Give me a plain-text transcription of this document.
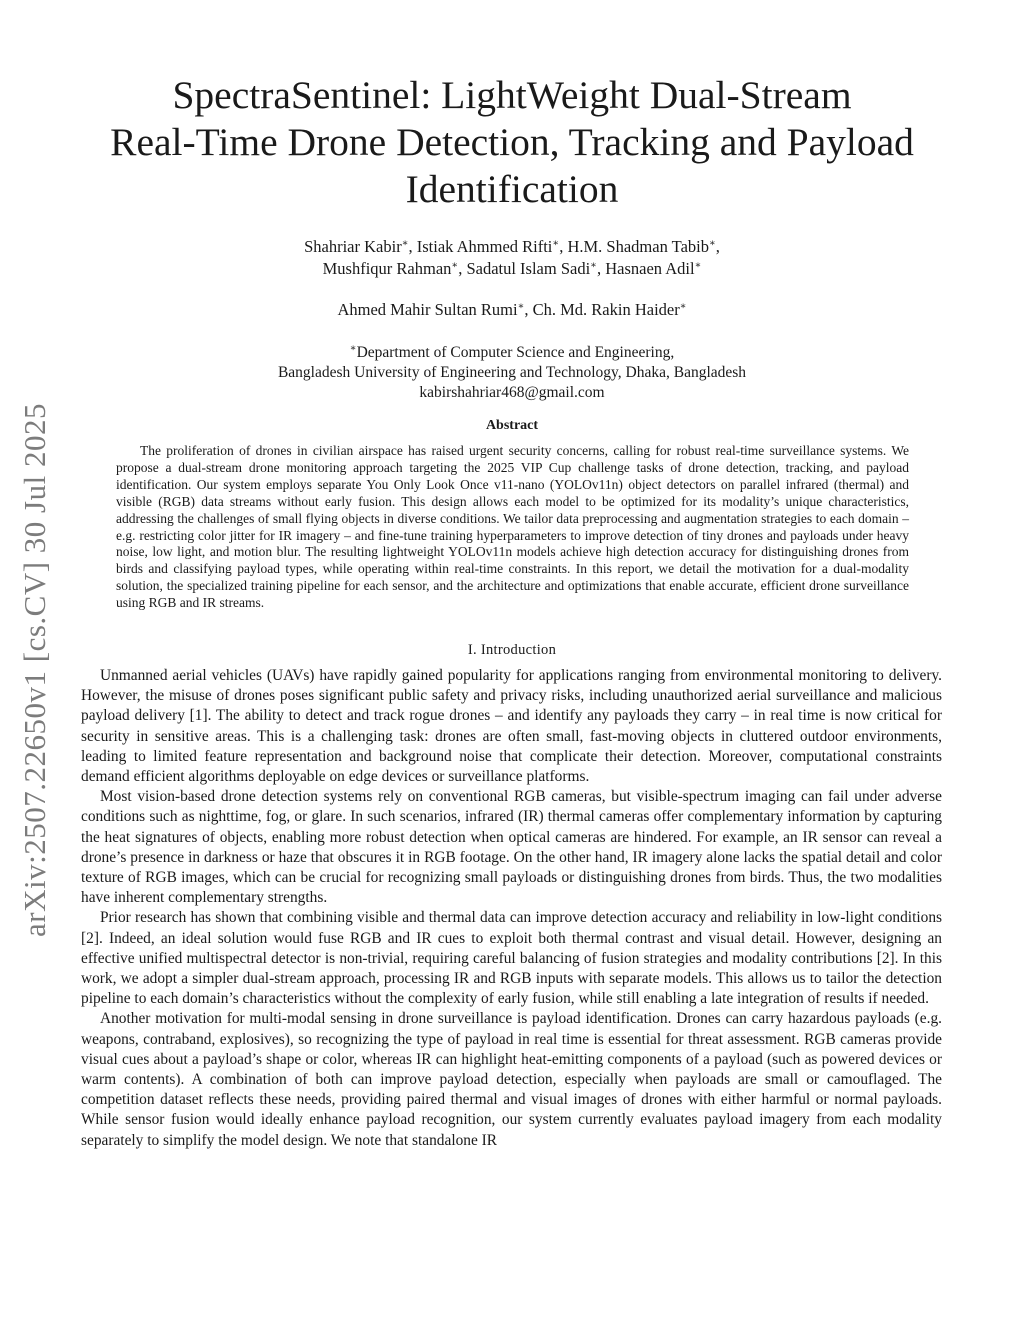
arXiv:2507.22650v1 [cs.CV] 30 Jul 2025
SpectraSentinel: LightWeight Dual-Stream
Real-Time Drone Detection, Tracking and Payload
Identification
Shahriar Kabir∗, Istiak Ahmmed Rifti∗, H.M. Shadman Tabib∗,
Mushfiqur Rahman∗, Sadatul Islam Sadi∗, Hasnaen Adil∗
Ahmed Mahir Sultan Rumi∗, Ch. Md. Rakin Haider∗
∗Department of Computer Science and Engineering,
Bangladesh University of Engineering and Technology, Dhaka, Bangladesh
kabirshahriar468@gmail.com
Abstract

The proliferation of drones in civilian airspace has raised urgent security concerns, calling for robust real-time surveillance systems. We propose a dual-stream drone monitoring approach targeting the 2025 VIP Cup challenge tasks of drone detection, tracking, and payload identification. Our system employs separate You Only Look Once v11-nano (YOLOv11n) object detectors on parallel infrared (thermal) and visible (RGB) data streams without early fusion. This design allows each model to be optimized for its modality’s unique characteristics, addressing the challenges of small flying objects in diverse conditions. We tailor data preprocessing and augmentation strategies to each domain – e.g. restricting color jitter for IR imagery – and fine-tune training hyperparameters to improve detection of tiny drones and payloads under heavy noise, low light, and motion blur. The resulting lightweight YOLOv11n models achieve high detection accuracy for distinguishing drones from birds and classifying payload types, while operating within real-time constraints. In this report, we detail the motivation for a dual-modality solution, the specialized training pipeline for each sensor, and the architecture and optimizations that enable accurate, efficient drone surveillance using RGB and IR streams.

I. Introduction

Unmanned aerial vehicles (UAVs) have rapidly gained popularity for applications ranging from environmental monitoring to delivery. However, the misuse of drones poses significant public safety and privacy risks, including unauthorized aerial surveillance and malicious payload delivery [1]. The ability to detect and track rogue drones – and identify any payloads they carry – in real time is now critical for security in sensitive areas. This is a challenging task: drones are often small, fast-moving objects in cluttered outdoor environments, leading to limited feature representation and background noise that complicate their detection. Moreover, computational constraints demand efficient algorithms deployable on edge devices or surveillance platforms.

Most vision-based drone detection systems rely on conventional RGB cameras, but visible-spectrum imaging can fail under adverse conditions such as nighttime, fog, or glare. In such scenarios, infrared (IR) thermal cameras offer complementary information by capturing the heat signatures of objects, enabling more robust detection when optical cameras are hindered. For example, an IR sensor can reveal a drone’s presence in darkness or haze that obscures it in RGB footage. On the other hand, IR imagery alone lacks the spatial detail and color texture of RGB images, which can be crucial for recognizing small payloads or distinguishing drones from birds. Thus, the two modalities have inherent complementary strengths.

Prior research has shown that combining visible and thermal data can improve detection accuracy and reliability in low-light conditions [2]. Indeed, an ideal solution would fuse RGB and IR cues to exploit both thermal contrast and visual detail. However, designing an effective unified multispectral detector is non-trivial, requiring careful balancing of fusion strategies and modality contributions [2]. In this work, we adopt a simpler dual-stream approach, processing IR and RGB inputs with separate models. This allows us to tailor the detection pipeline to each domain’s characteristics without the complexity of early fusion, while still enabling a late integration of results if needed.

Another motivation for multi-modal sensing in drone surveillance is payload identification. Drones can carry hazardous payloads (e.g. weapons, contraband, explosives), so recognizing the type of payload in real time is essential for threat assessment. RGB cameras provide visual cues about a payload’s shape or color, whereas IR can highlight heat-emitting components of a payload (such as powered devices or warm contents). A combination of both can improve payload detection, especially when payloads are small or camouflaged. The competition dataset reflects these needs, providing paired thermal and visual images of drones with either harmful or normal payloads. While sensor fusion would ideally enhance payload recognition, our system currently evaluates payload imagery from each modality separately to simplify the model design. We note that standalone IR
